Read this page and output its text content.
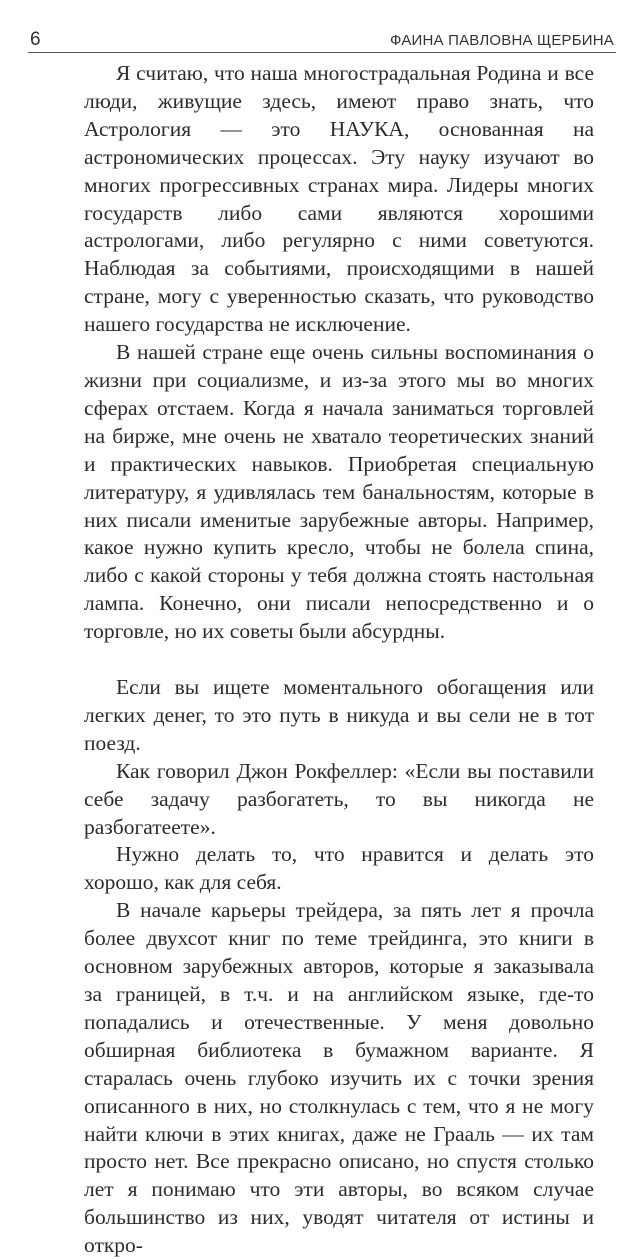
6	ФАИНА ПАВЛОВНА ЩЕРБИНА

Я считаю, что наша многострадальная Родина и все люди, живущие здесь, имеют право знать, что Астрология — это НАУКА, основанная на астрономических процессах. Эту науку изучают во многих прогрессивных странах мира. Лидеры многих государств либо сами являются хорошими астрологами, либо регулярно с ними советуются. Наблюдая за событиями, происходящими в нашей стране, могу с уверенностью сказать, что руководство нашего государства не исключение.

В нашей стране еще очень сильны воспоминания о жизни при социализме, и из-за этого мы во многих сферах отстаем. Когда я начала заниматься торговлей на бирже, мне очень не хватало теоретических знаний и практических навыков. Приобретая специальную литературу, я удивлялась тем банальностям, которые в них писали именитые зарубежные авторы. Например, какое нужно купить кресло, чтобы не болела спина, либо с какой стороны у тебя должна стоять настольная лампа. Конечно, они писали непосредственно и о торговле, но их советы были абсурдны.

Если вы ищете моментального обогащения или легких денег, то это путь в никуда и вы сели не в тот поезд.

Как говорил Джон Рокфеллер: «Если вы поставили себе задачу разбогатеть, то вы никогда не разбогатеете».

Нужно делать то, что нравится и делать это хорошо, как для себя.

В начале карьеры трейдера, за пять лет я прочла более двухсот книг по теме трейдинга, это книги в основном зарубежных авторов, которые я заказывала за границей, в т.ч. и на английском языке, где-то попадались и отечественные. У меня довольно обширная библиотека в бумажном варианте. Я старалась очень глубоко изучить их с точки зрения описанного в них, но столкнулась с тем, что я не могу найти ключи в этих книгах, даже не Грааль — их там просто нет. Все прекрасно описано, но спустя столько лет я понимаю что эти авторы, во всяком случае большинство из них, уводят читателя от истины и откро-
